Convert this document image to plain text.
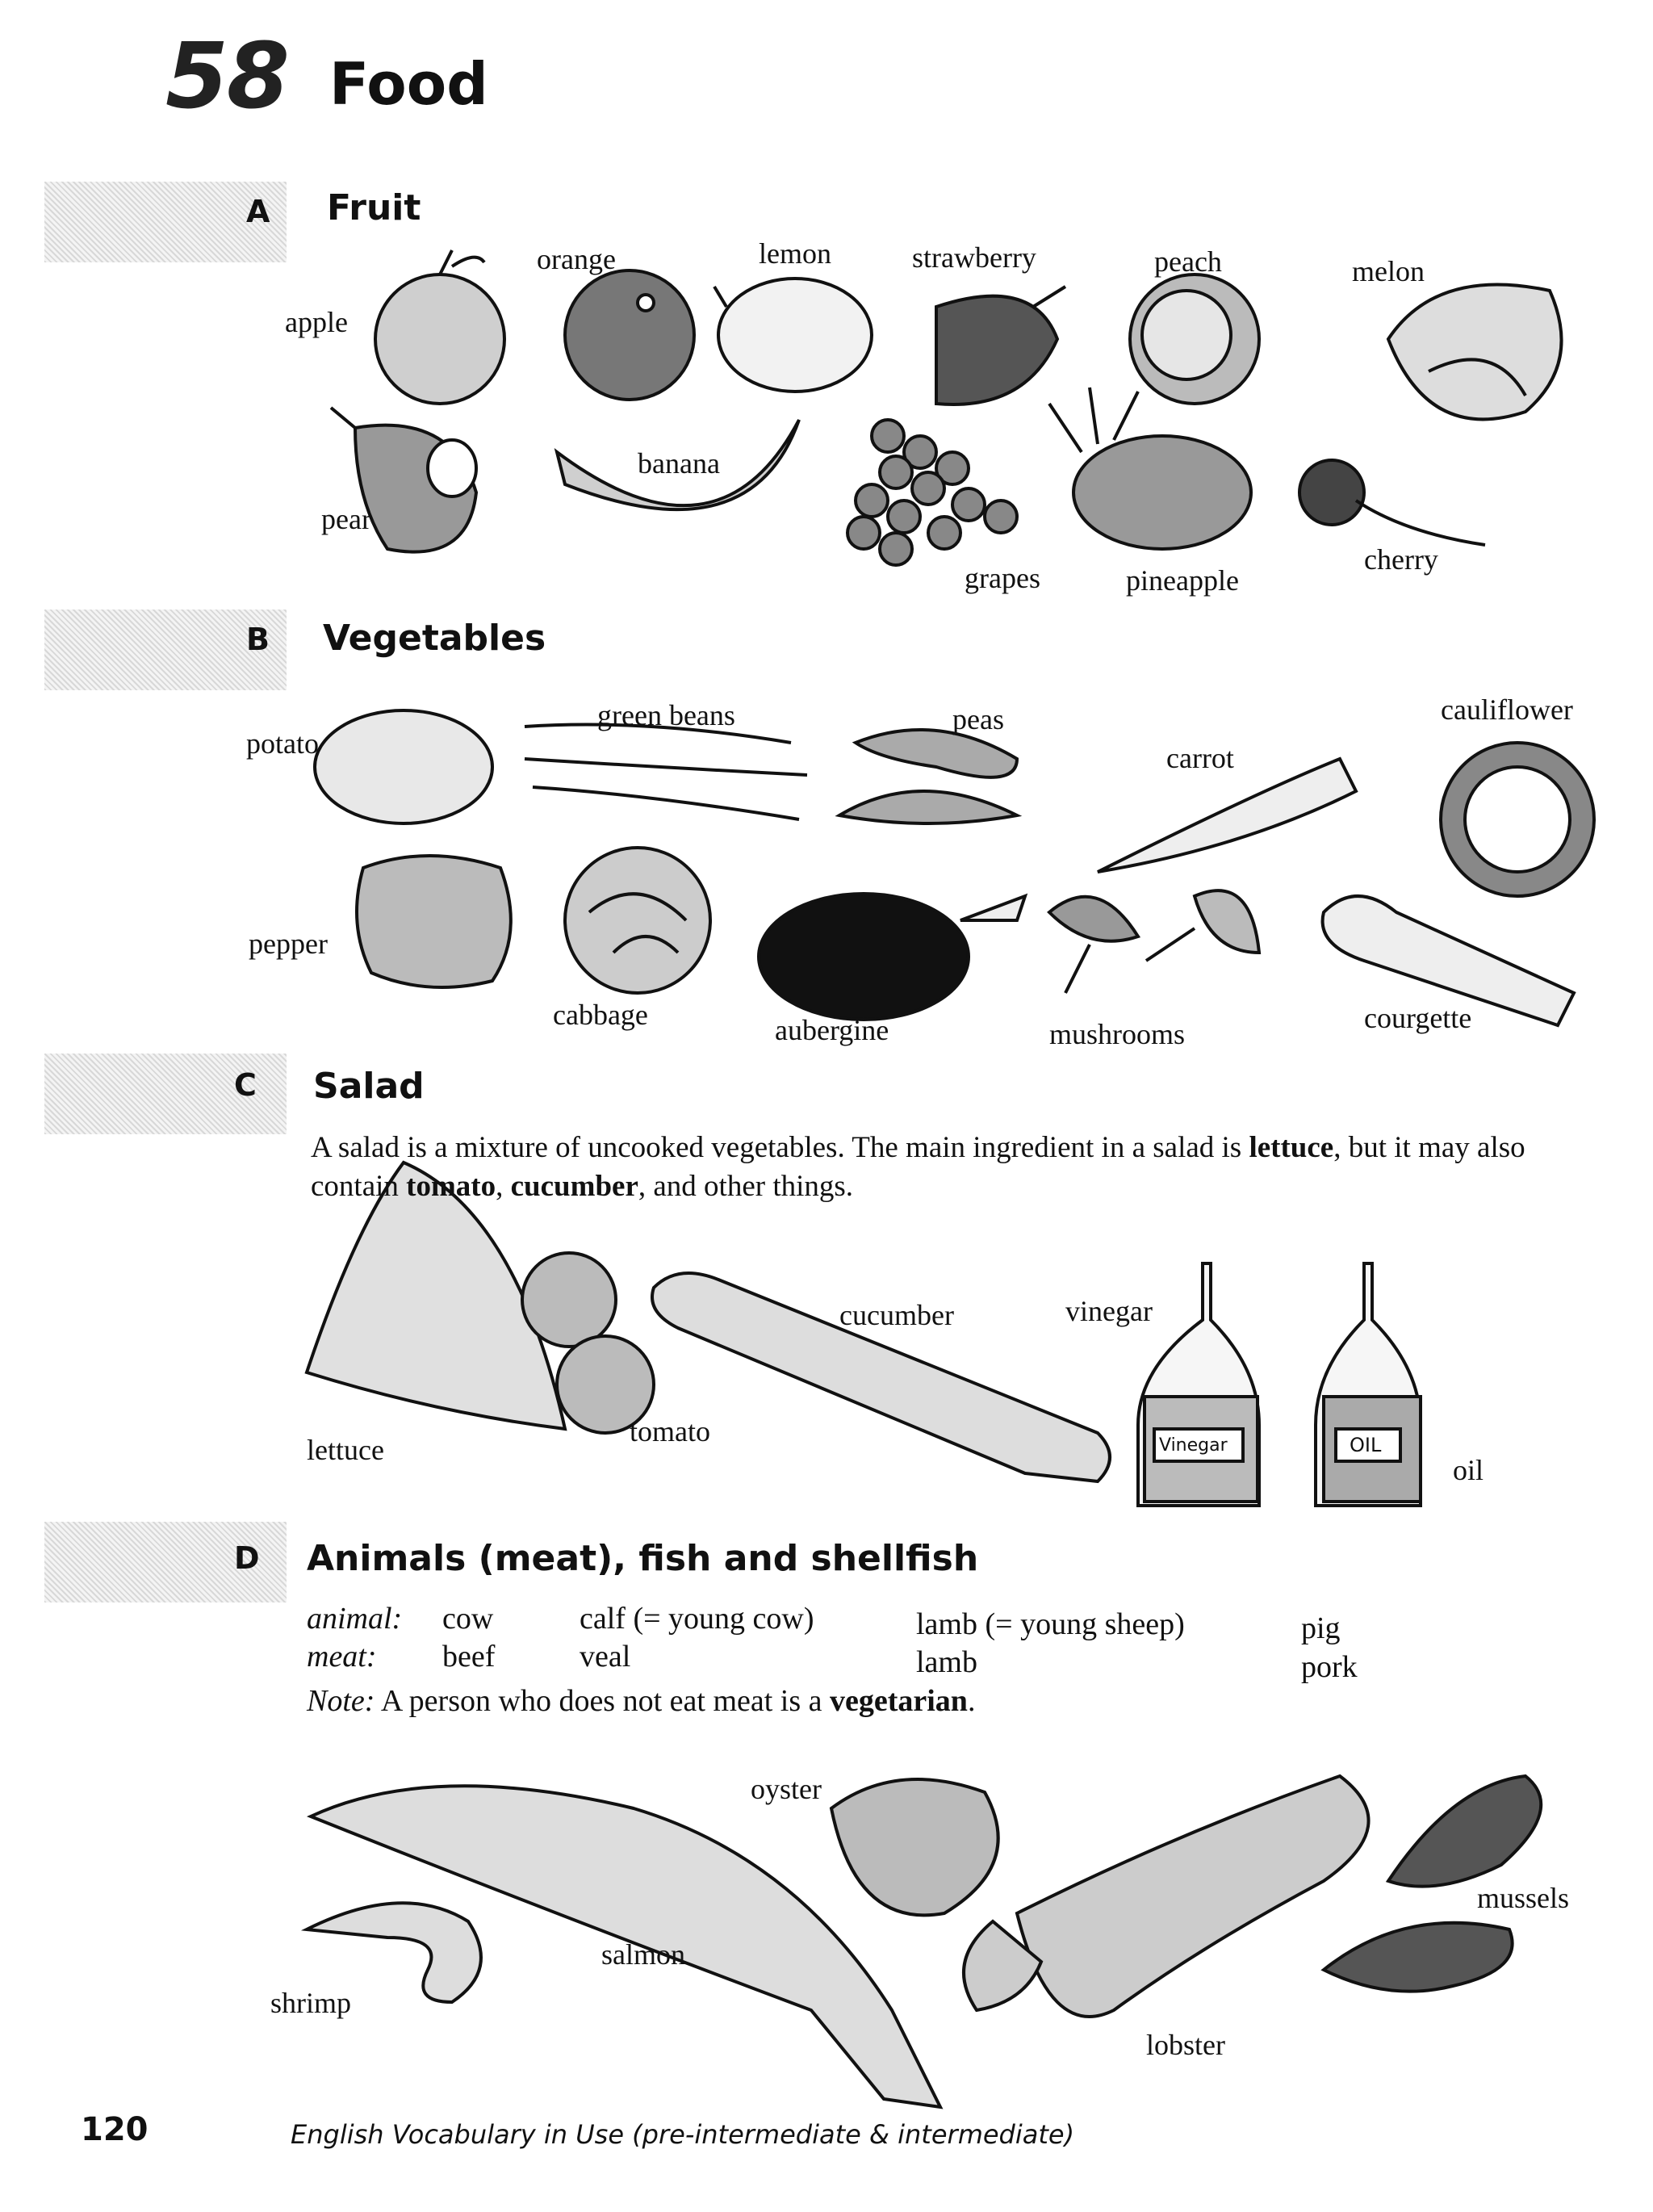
58 Food
A Fruit
orange	lemon	strawberry	peach	melon
apple
pear
banana
grapes	pineapple
cherry
B Vegetables
potato
green beans	peas
carrot
cauliflower
pepper
cabbage	aubergine	mushrooms	courgette
C Salad
A salad is a mixture of uncooked vegetables. The main ingredient in a salad is lettuce, but it may also contain tomato, cucumber, and other things.
lettuce
tomato
cucumber	vinegar
oil
Vinegar	OIL
D Animals (meat), fish and shellfish
animal: cow	calf (= young cow)	lamb (= young sheep)	pig
meat: beef	veal	lamb	pork
Note: A person who does not eat meat is a vegetarian.
oyster
mussels
salmon
shrimp
lobster
120	English Vocabulary in Use (pre-intermediate & intermediate)
